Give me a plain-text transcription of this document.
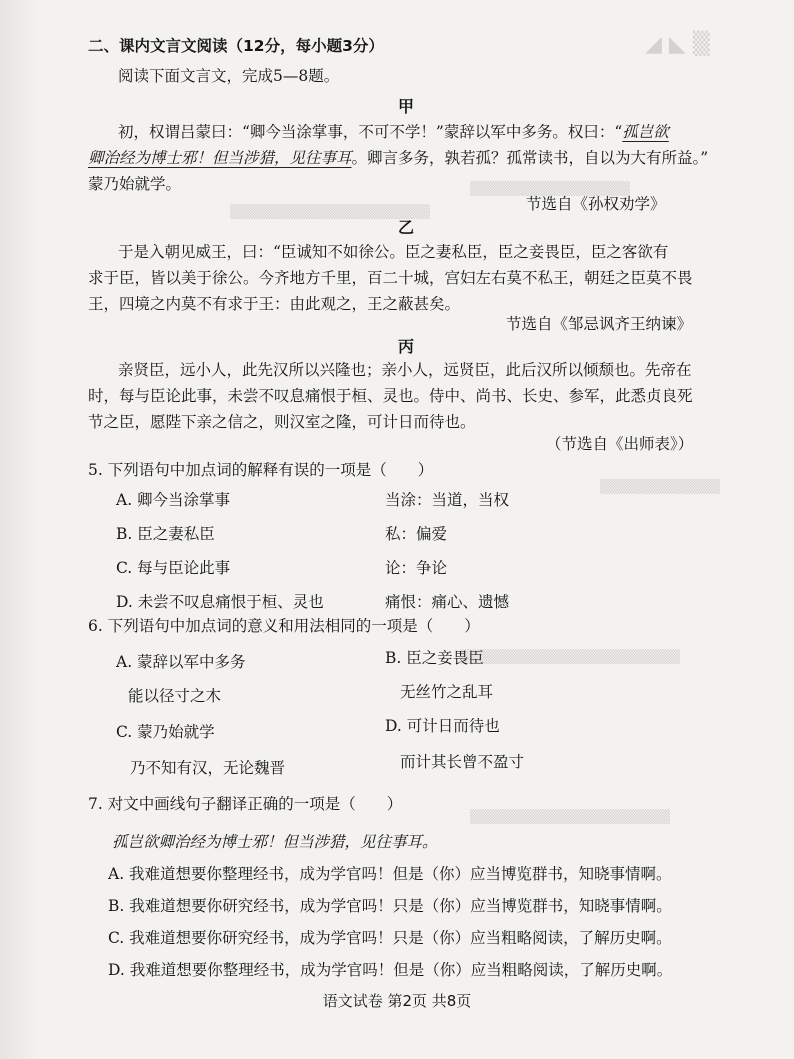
◢ ◣ ▒
▒▒▒▒▒▒▒▒▒▒▒▒▒▒▒▒
▒▒▒▒▒▒▒▒▒▒▒▒▒▒▒▒▒▒▒▒
▒▒▒▒▒▒▒▒▒▒▒▒
▒▒▒▒▒▒▒▒▒▒▒▒▒▒▒▒▒▒▒▒▒▒
▒▒▒▒▒▒▒▒▒▒▒▒▒▒▒▒▒▒▒▒
二、课内文言文阅读（12分，每小题3分）
阅读下面文言文，完成5—8题。
甲
初，权谓吕蒙曰：“卿今当涂掌事，不可不学！”蒙辞以军中多务。权曰：“孤岂欲
卿治经为博士邪！但当涉猎，见往事耳。卿言多务，孰若孤？孤常读书，自以为大有所益。”
蒙乃始就学。
节选自《孙权劝学》
乙
于是入朝见威王，曰：“臣诚知不如徐公。臣之妻私臣，臣之妾畏臣，臣之客欲有
求于臣，皆以美于徐公。今齐地方千里，百二十城，宫妇左右莫不私王，朝廷之臣莫不畏
王，四境之内莫不有求于王：由此观之，王之蔽甚矣。
节选自《邹忌讽齐王纳谏》
丙
亲贤臣，远小人，此先汉所以兴隆也；亲小人，远贤臣，此后汉所以倾颓也。先帝在
时，每与臣论此事，未尝不叹息痛恨于桓、灵也。侍中、尚书、长史、参军，此悉贞良死
节之臣，愿陛下亲之信之，则汉室之隆，可计日而待也。
（节选自《出师表》）
5. 下列语句中加点词的解释有误的一项是（　　）
A. 卿今当涂掌事	当涂：当道，当权
B. 臣之妻私臣	私：偏爱
C. 每与臣论此事	论：争论
D. 未尝不叹息痛恨于桓、灵也	痛恨：痛心、遗憾
6. 下列语句中加点词的意义和用法相同的一项是（　　）
A. 蒙辞以军中多务	B. 臣之妾畏臣
能以径寸之木	无丝竹之乱耳
C. 蒙乃始就学	D. 可计日而待也
乃不知有汉，无论魏晋	而计其长曾不盈寸
7. 对文中画线句子翻译正确的一项是（　　）
孤岂欲卿治经为博士邪！但当涉猎，见往事耳。
A. 我难道想要你整理经书，成为学官吗！但是（你）应当博览群书，知晓事情啊。
B. 我难道想要你研究经书，成为学官吗！只是（你）应当博览群书，知晓事情啊。
C. 我难道想要你研究经书，成为学官吗！只是（你）应当粗略阅读，了解历史啊。
D. 我难道想要你整理经书，成为学官吗！但是（你）应当粗略阅读，了解历史啊。
语文试卷 第2页 共8页
